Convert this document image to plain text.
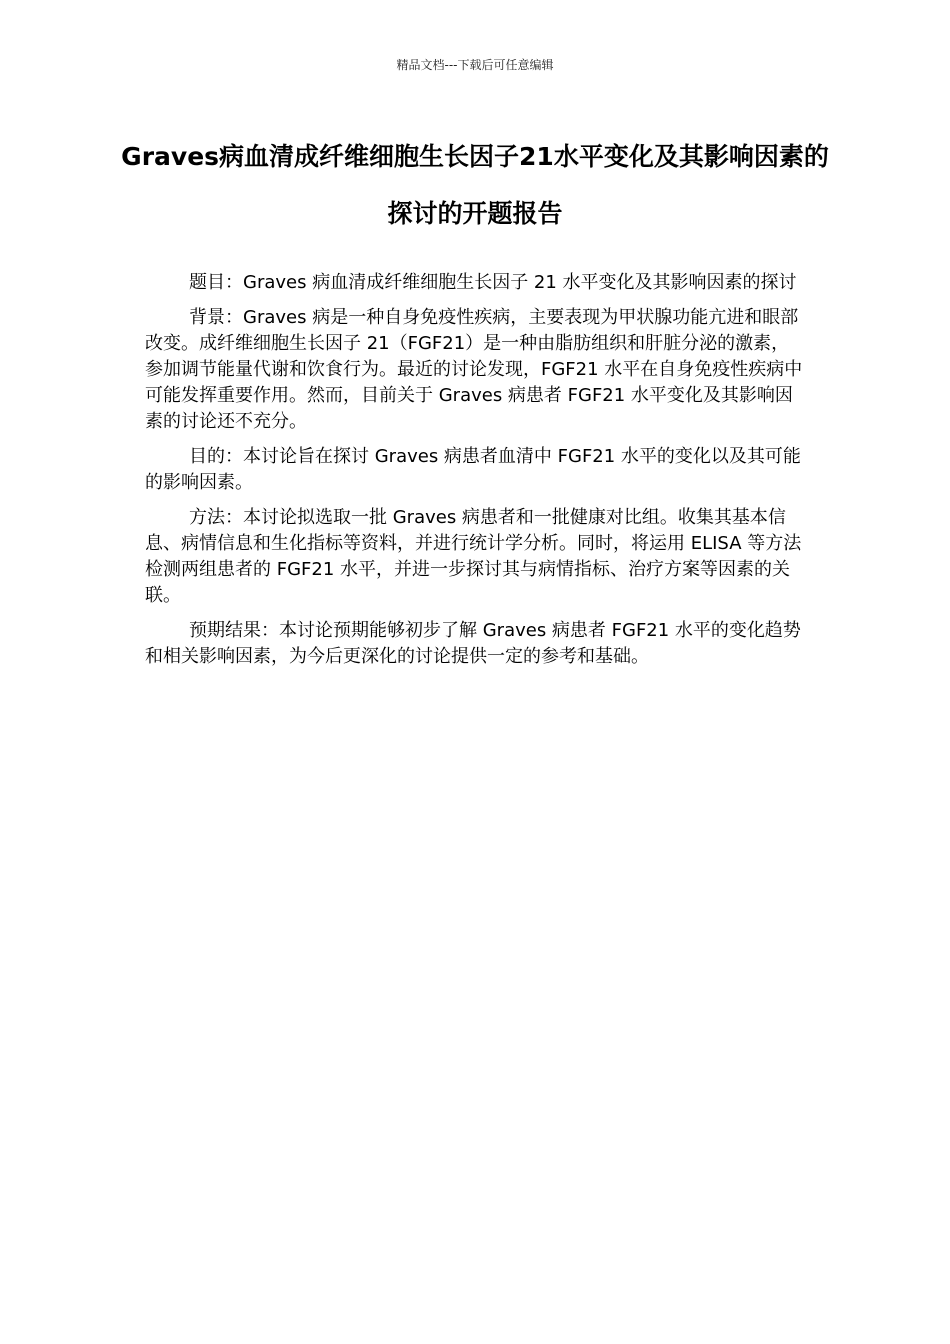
精品文档---下载后可任意编辑
Graves病血清成纤维细胞生长因子21水平变化及其影响因素的探讨的开题报告

题目：Graves 病血清成纤维细胞生长因子 21 水平变化及其影响因素的探讨

背景：Graves 病是一种自身免疫性疾病，主要表现为甲状腺功能亢进和眼部改变。成纤维细胞生长因子 21（FGF21）是一种由脂肪组织和肝脏分泌的激素，参加调节能量代谢和饮食行为。最近的讨论发现，FGF21 水平在自身免疫性疾病中可能发挥重要作用。然而，目前关于 Graves 病患者 FGF21 水平变化及其影响因素的讨论还不充分。

目的：本讨论旨在探讨 Graves 病患者血清中 FGF21 水平的变化以及其可能的影响因素。

方法：本讨论拟选取一批 Graves 病患者和一批健康对比组。收集其基本信息、病情信息和生化指标等资料，并进行统计学分析。同时，将运用 ELISA 等方法检测两组患者的 FGF21 水平，并进一步探讨其与病情指标、治疗方案等因素的关联。

预期结果：本讨论预期能够初步了解 Graves 病患者 FGF21 水平的变化趋势和相关影响因素，为今后更深化的讨论提供一定的参考和基础。
